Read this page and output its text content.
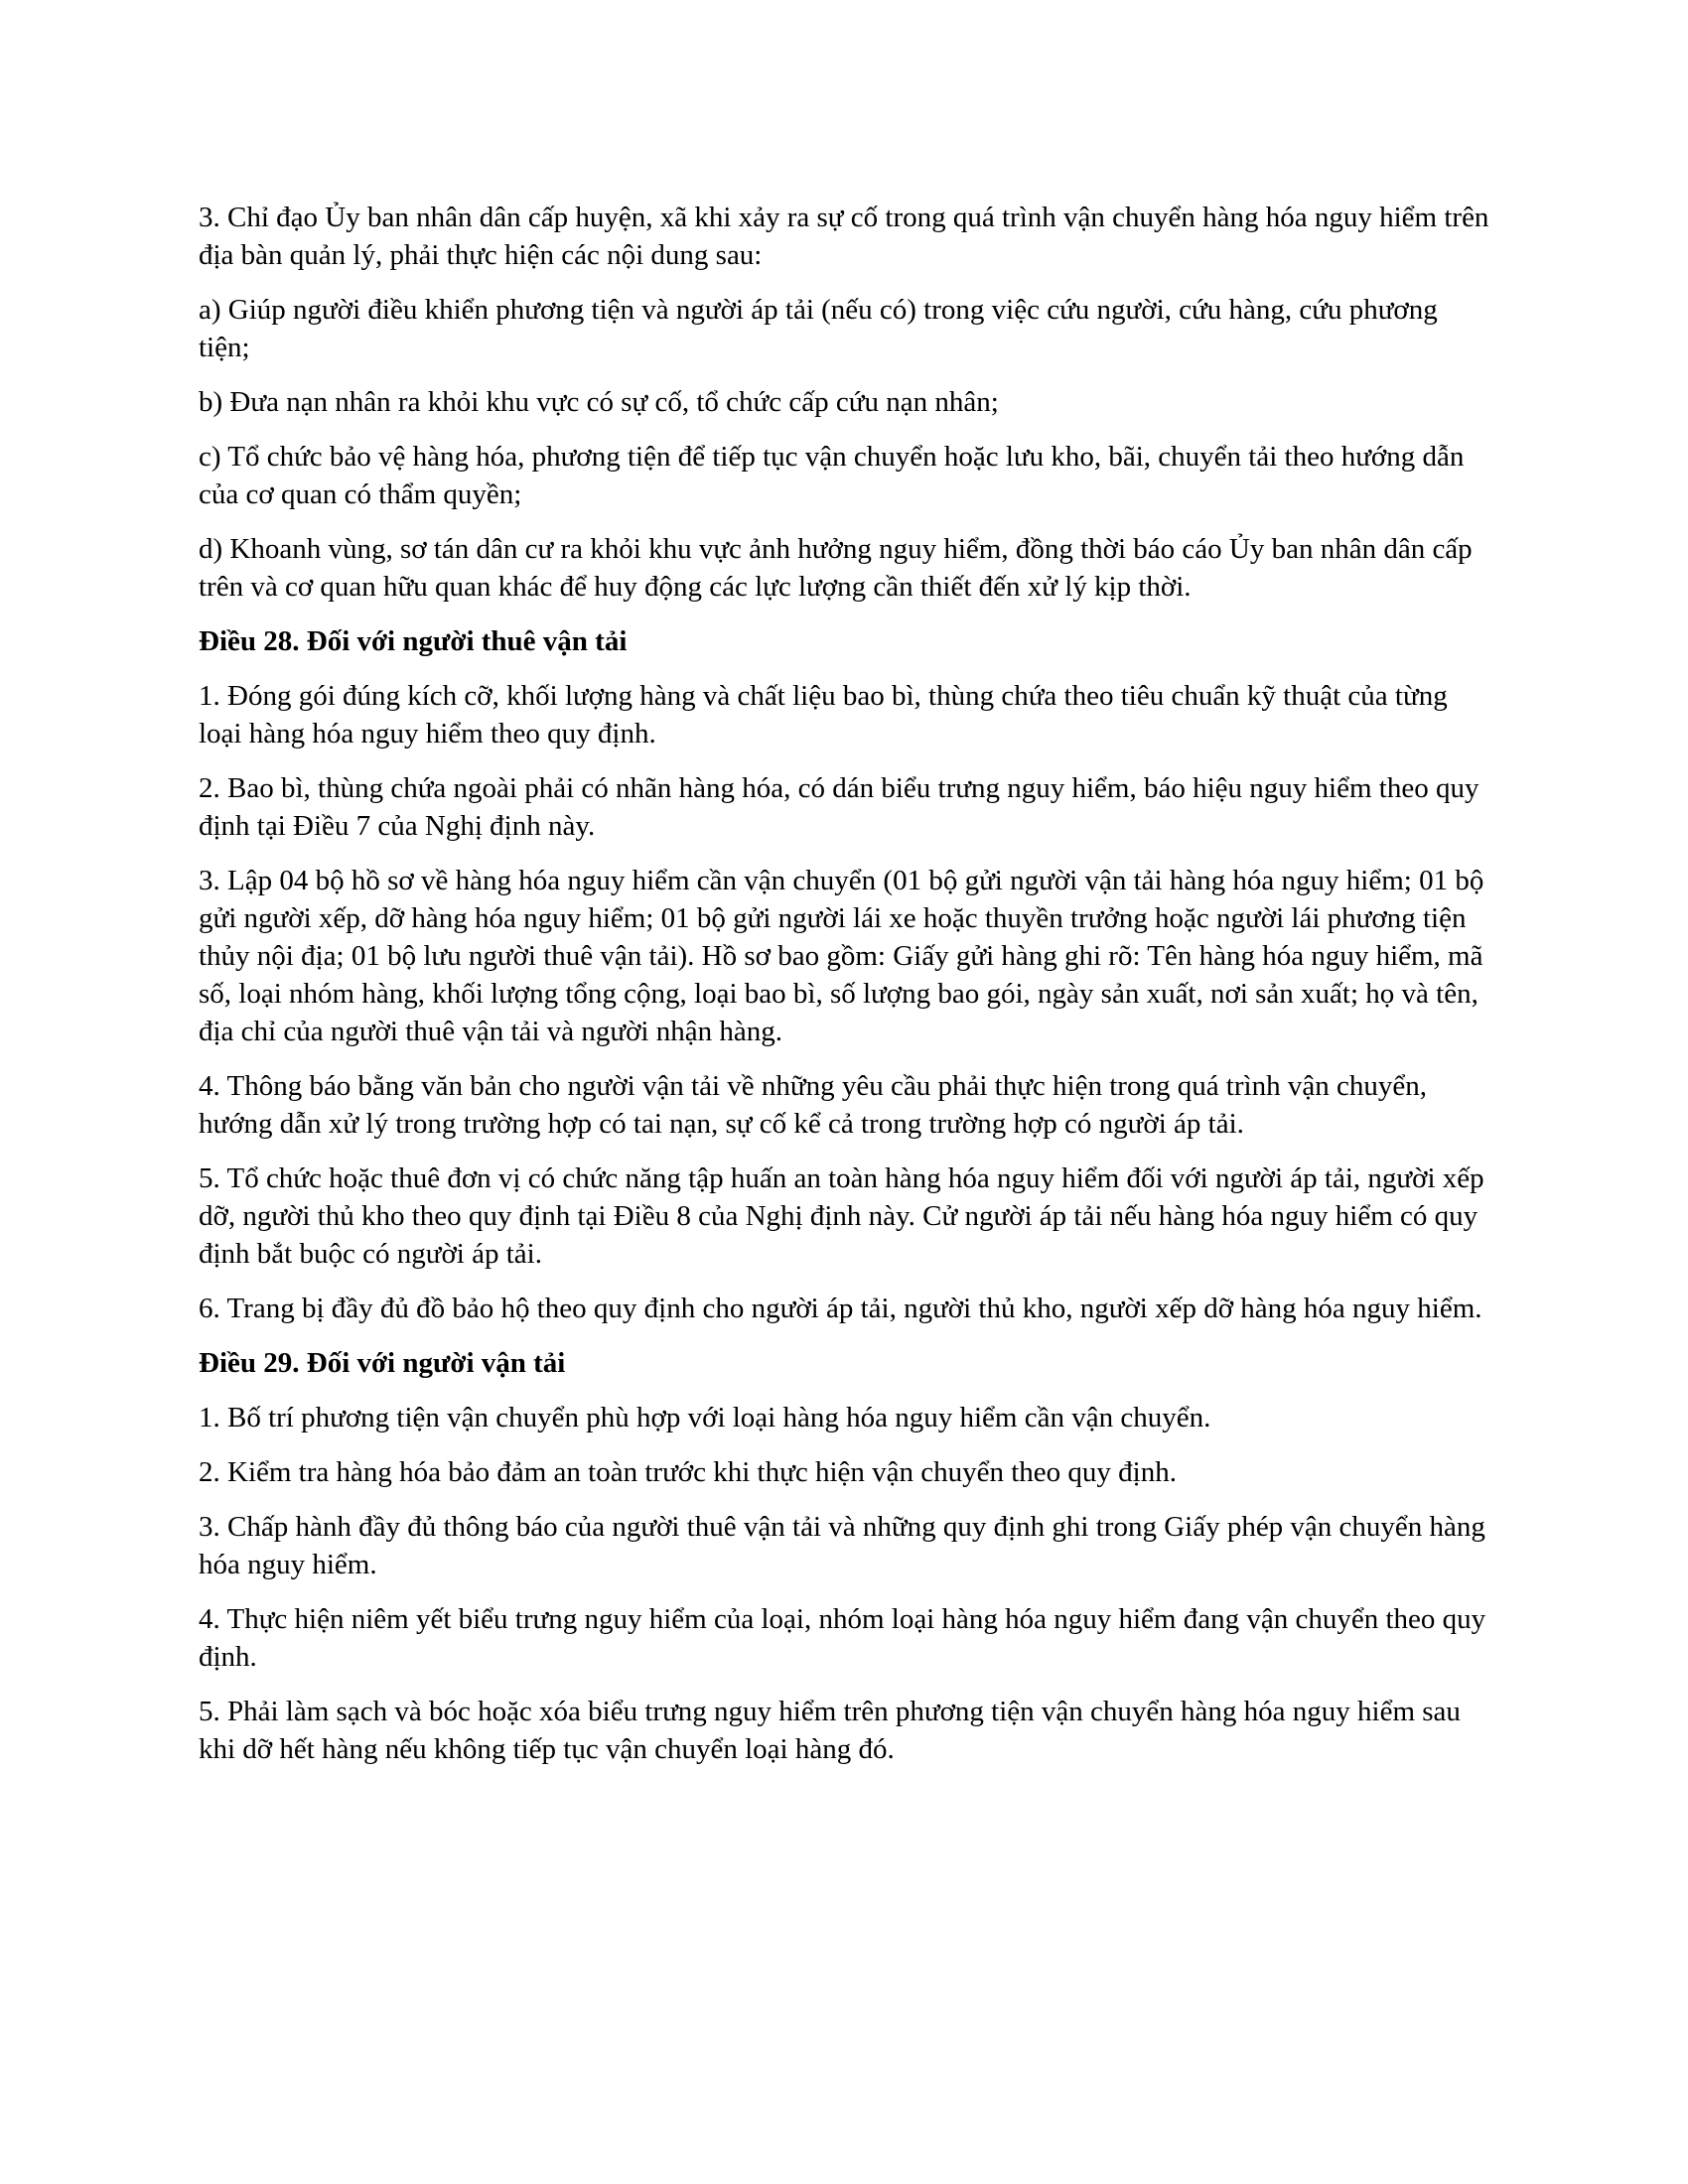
3. Chỉ đạo Ủy ban nhân dân cấp huyện, xã khi xảy ra sự cố trong quá trình vận chuyển hàng hóa nguy hiểm trên địa bàn quản lý, phải thực hiện các nội dung sau:

a) Giúp người điều khiển phương tiện và người áp tải (nếu có) trong việc cứu người, cứu hàng, cứu phương tiện;

b) Đưa nạn nhân ra khỏi khu vực có sự cố, tổ chức cấp cứu nạn nhân;

c) Tổ chức bảo vệ hàng hóa, phương tiện để tiếp tục vận chuyển hoặc lưu kho, bãi, chuyển tải theo hướng dẫn của cơ quan có thẩm quyền;

d) Khoanh vùng, sơ tán dân cư ra khỏi khu vực ảnh hưởng nguy hiểm, đồng thời báo cáo Ủy ban nhân dân cấp trên và cơ quan hữu quan khác để huy động các lực lượng cần thiết đến xử lý kịp thời.

Điều 28. Đối với người thuê vận tải

1. Đóng gói đúng kích cỡ, khối lượng hàng và chất liệu bao bì, thùng chứa theo tiêu chuẩn kỹ thuật của từng loại hàng hóa nguy hiểm theo quy định.

2. Bao bì, thùng chứa ngoài phải có nhãn hàng hóa, có dán biểu trưng nguy hiểm, báo hiệu nguy hiểm theo quy định tại Điều 7 của Nghị định này.

3. Lập 04 bộ hồ sơ về hàng hóa nguy hiểm cần vận chuyển (01 bộ gửi người vận tải hàng hóa nguy hiểm; 01 bộ gửi người xếp, dỡ hàng hóa nguy hiểm; 01 bộ gửi người lái xe hoặc thuyền trưởng hoặc người lái phương tiện thủy nội địa; 01 bộ lưu người thuê vận tải). Hồ sơ bao gồm: Giấy gửi hàng ghi rõ: Tên hàng hóa nguy hiểm, mã số, loại nhóm hàng, khối lượng tổng cộng, loại bao bì, số lượng bao gói, ngày sản xuất, nơi sản xuất; họ và tên, địa chỉ của người thuê vận tải và người nhận hàng.

4. Thông báo bằng văn bản cho người vận tải về những yêu cầu phải thực hiện trong quá trình vận chuyển, hướng dẫn xử lý trong trường hợp có tai nạn, sự cố kể cả trong trường hợp có người áp tải.

5. Tổ chức hoặc thuê đơn vị có chức năng tập huấn an toàn hàng hóa nguy hiểm đối với người áp tải, người xếp dỡ, người thủ kho theo quy định tại Điều 8 của Nghị định này. Cử người áp tải nếu hàng hóa nguy hiểm có quy định bắt buộc có người áp tải.

6. Trang bị đầy đủ đồ bảo hộ theo quy định cho người áp tải, người thủ kho, người xếp dỡ hàng hóa nguy hiểm.

Điều 29. Đối với người vận tải

1. Bố trí phương tiện vận chuyển phù hợp với loại hàng hóa nguy hiểm cần vận chuyển.

2. Kiểm tra hàng hóa bảo đảm an toàn trước khi thực hiện vận chuyển theo quy định.

3. Chấp hành đầy đủ thông báo của người thuê vận tải và những quy định ghi trong Giấy phép vận chuyển hàng hóa nguy hiểm.

4. Thực hiện niêm yết biểu trưng nguy hiểm của loại, nhóm loại hàng hóa nguy hiểm đang vận chuyển theo quy định.

5. Phải làm sạch và bóc hoặc xóa biểu trưng nguy hiểm trên phương tiện vận chuyển hàng hóa nguy hiểm sau khi dỡ hết hàng nếu không tiếp tục vận chuyển loại hàng đó.
